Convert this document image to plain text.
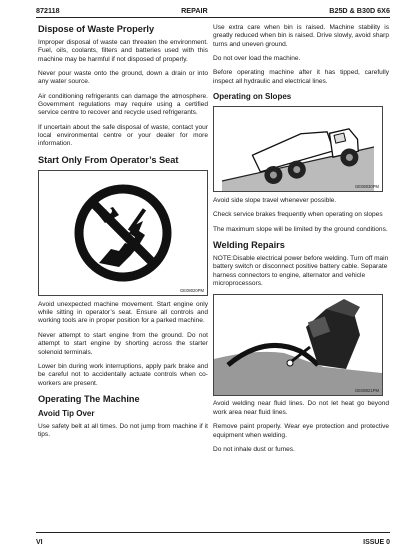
872118	REPAIR	B25D & B30D 6X6
Dispose of Waste Properly

Improper disposal of waste can threaten the environment. Fuel, oils, coolants, filters and batteries used with this machine may be harmful if not disposed of properly.

Never pour waste onto the ground, down a drain or into any water source.

Air conditioning refrigerants can damage the atmosphere. Government regulations may require using a certified service centre to recover and recycle used refrigerants.

If uncertain about the safe disposal of waste, contact your local environmental centre or your dealer for more information.

Start Only From Operator’s Seat
GE08020PM

Avoid unexpected machine movement. Start engine only while sitting in operator’s seat. Ensure all controls and working tools are in proper position for a parked machine.

Never attempt to start engine from the ground. Do not attempt to start engine by shorting across the starter solenoid terminals.

Lower bin during work interruptions, apply park brake and be careful not to accidentally actuate controls when co-workers are present.

Operating The Machine
Avoid Tip Over

Use safety belt at all times. Do not jump from machine if it tips.

Use extra care when bin is raised. Machine stability is greatly reduced when bin is raised. Drive slowly, avoid sharp turns and uneven ground.

Do not over load the machine.

Before operating machine after it has tipped, carefully inspect all hydraulic and electrical lines.

Operating on Slopes
GE08030PM

Avoid side slope travel whenever possible.

Check service brakes frequently when operating on slopes

The maximum slope will be limited by the ground conditions.

Welding Repairs

NOTE:Disable electrical power before welding. Turn off main battery switch or disconnect positive battery cable. Separate harness connectors to engine, alternator and vehicle microprocessors.

GE08021PM

Avoid welding near fluid lines. Do not let heat go beyond work area near fluid lines.

Remove paint properly. Wear eye protection and protective equipment when welding.

Do not inhale dust or fumes.

VI	ISSUE 0
